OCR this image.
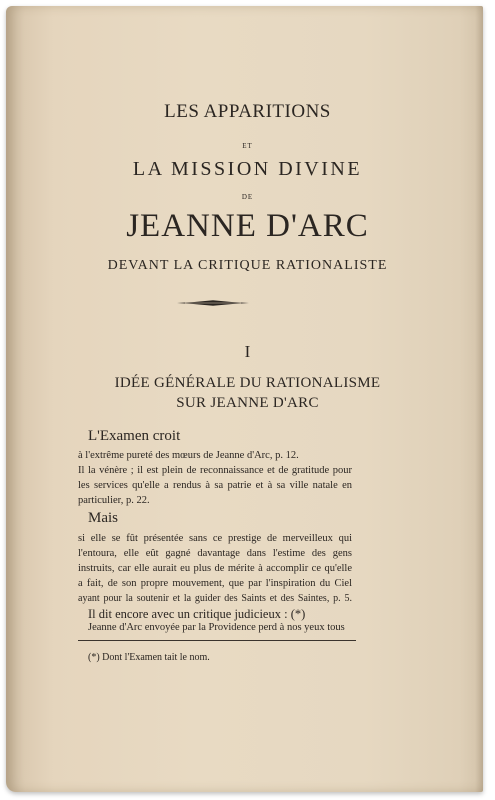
LES APPARITIONS
ET
LA MISSION DIVINE
DE
JEANNE D'ARC
DEVANT LA CRITIQUE RATIONALISTE
I
IDÉE GÉNÉRALE DU RATIONALISME
SUR JEANNE D'ARC
L'Examen croit
à l'extrême pureté des mœurs de Jeanne d'Arc, p. 12.
Il la vénère ; il est plein de reconnaissance et de gratitude pour
les services qu'elle a rendus à sa patrie et à sa ville natale en
particulier, p. 22.
Mais
si elle se fût présentée sans ce prestige de merveilleux qui
l'entoura, elle eût gagné davantage dans l'estime des gens
instruits, car elle aurait eu plus de mérite à accomplir ce qu'elle
a fait, de son propre mouvement, que par l'inspiration du Ciel
ayant pour la soutenir et la guider des Saints et des Saintes, p. 5.
Il dit encore avec un critique judicieux : (*)
Jeanne d'Arc envoyée par la Providence perd à nos yeux tous
(*) Dont l'Examen tait le nom.
